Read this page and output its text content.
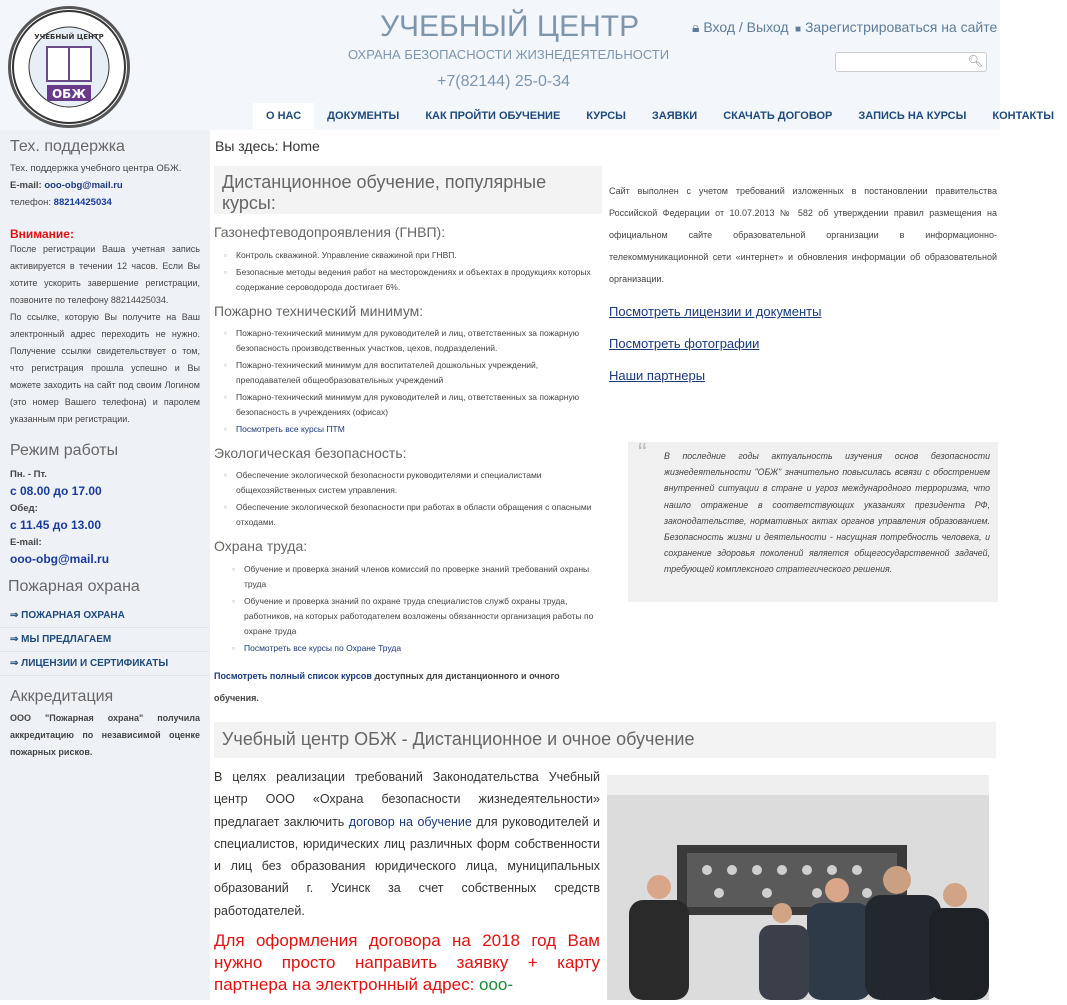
ОБЖ
УЧЕБНЫЙ ЦЕНТР	УЧЕБНЫЙ ЦЕНТР
ОХРАНА БЕЗОПАСНОСТИ ЖИЗНЕДЕЯТЕЛЬНОСТИ
+7(82144) 25-0-34
🔒︎ Вход / Выход ■ Зарегистрироваться на сайте
🔍︎
О НАС	ДОКУМЕНТЫ	КАК ПРОЙТИ ОБУЧЕНИЕ	КУРСЫ	ЗАЯВКИ	СКАЧАТЬ ДОГОВОР	ЗАПИСЬ НА КУРСЫ	КОНТАКТЫ
Тех. поддержка
Тех. поддержка учебного центра ОБЖ.
E-mail: ooo-obg@mail.ru
телефон: 88214425034
Внимание:
После регистрации Ваша учетная запись активируется в течении 12 часов. Если Вы хотите ускорить завершение регистрации, позвоните по телефону 88214425034.
По ссылке, которую Вы получите на Ваш электронный адрес переходить не нужно. Получение ссылки свидетельствует о том, что регистрация прошла успешно и Вы можете заходить на сайт под своим Логином (это номер Вашего телефона) и паролем указанным при регистрации.
Режим работы
Пн. - Пт.
с 08.00 до 17.00
Обед:
с 11.45 до 13.00
E-mail:
ooo-obg@mail.ru
Пожарная охрана
⇒ ПОЖАРНАЯ ОХРАНА
⇒ МЫ ПРЕДЛАГАЕМ
⇒ ЛИЦЕНЗИИ И СЕРТИФИКАТЫ
Аккредитация
ООО "Пожарная охрана" получила аккредитацию по независимой оценке пожарных рисков.
Вы здесь: Home
Дистанционное обучение, популярные курсы:
Газонефтеводопроявления (ГНВП):
▫ Контроль скважиной. Управление скважиной при ГНВП.
▫ Безопасные методы ведения работ на месторождениях и объектах в продукциях которых содержание сероводорода достигает 6%.
Пожарно технический минимум:
▫ Пожарно-технический минимум для руководителей и лиц, ответственных за пожарную безопасность производственных участков, цехов, подразделений.
▫ Пожарно-технический минимум для воспитателей дошкольных учреждений, преподавателей общеобразовательных учреждений
▫ Пожарно-технический минимум для руководителей и лиц, ответственных за пожарную безопасность в учреждениях (офисах)
▫ Посмотреть все курсы ПТМ
Экологическая безопасность:
▫ Обеспечение экологической безопасности руководителями и специалистами общехозяйственных систем управления.
▫ Обеспечение экологической безопасности при работах в области обращения с опасными отходами.
Охрана труда:
▫ Обучение и проверка знаний членов комиссий по проверке знаний требований охраны труда
▫ Обучение и проверка знаний по охране труда специалистов служб охраны труда, работников, на которых работодателем возложены обязанности организация работы по охране труда
▫ Посмотреть все курсы по Охране Труда
Посмотреть полный список курсов доступных для дистанционного и очного обучения.
Сайт выполнен с учетом требований изложенных в постановлении правительства Российской Федерации от 10.07.2013 № 582 об утверждении правил размещения на официальном сайте образовательной организации в информационно-телекоммуникационной сети «интернет» и обновления информации об образовательной организации.
Посмотреть лицензии и документы
Посмотреть фотографии
Наши партнеры
“ В последние годы актуальность изучения основ безопасности жизнедеятельности "ОБЖ" значительно повысилась всвязи с обострением внутренней ситуации в стране и угроз международного терроризма, что нашло отражение в соответствующих указаниях президента РФ, законодательстве, нормативных актах органов управления образованием. Безопасность жизни и деятельности - насущная потребность человека, и сохранение здоровья поколений является общегосударственной задачей, требующей комплексного стратегического решения.
Учебный центр ОБЖ - Дистанционное и очное обучение
В целях реализации требований Законодательства Учебный центр ООО «Охрана безопасности жизнедеятельности» предлагает заключить договор на обучение для руководителей и специалистов, юридических лиц различных форм собственности и лиц без образования юридического лица, муниципальных образований г. Усинск за счет собственных средств работодателей.
Для оформления договора на 2018 год Вам нужно просто направить заявку + карту партнера на электронный адрес: ooo-
